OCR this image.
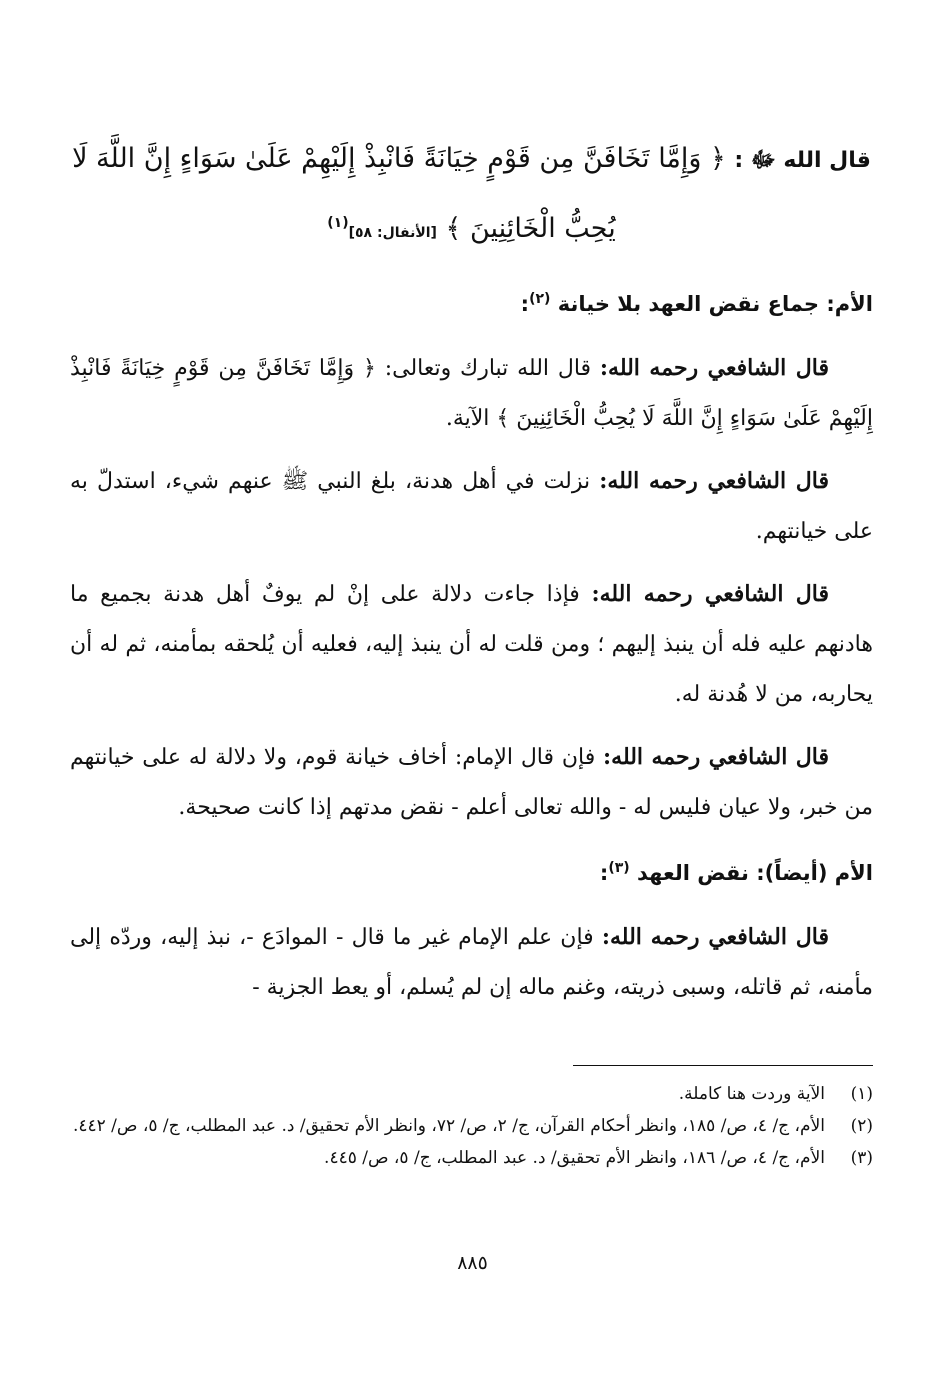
قال الله ﷻ : ﴿ وَإِمَّا تَخَافَنَّ مِن قَوْمٍ خِيَانَةً فَانْبِذْ إِلَيْهِمْ عَلَىٰ سَوَاءٍ إِنَّ اللَّهَ لَا يُحِبُّ الْخَائِنِينَ ﴾ [الأنفال: ٥٨]$^{(١)}$
الأم: جماع نقض العهد بلا خيانة $^{(٢)}$:

قال الشافعي رحمه الله: قال الله تبارك وتعالى: ﴿ وَإِمَّا تَخَافَنَّ مِن قَوْمٍ خِيَانَةً فَانْبِذْ إِلَيْهِمْ عَلَىٰ سَوَاءٍ إِنَّ اللَّهَ لَا يُحِبُّ الْخَائِنِينَ ﴾ الآية.

قال الشافعي رحمه الله: نزلت في أهل هدنة، بلغ النبي ﷺ عنهم شيء، استدلّ به على خيانتهم.

قال الشافعي رحمه الله: فإذا جاءت دلالة على إنْ لم يوفٌ أهل هدنة بجميع ما هادنهم عليه فله أن ينبذ إليهم ؛ ومن قلت له أن ينبذ إليه، فعليه أن يُلحقه بمأمنه، ثم له أن يحاربه، من لا هُدنة له.

قال الشافعي رحمه الله: فإن قال الإمام: أخاف خيانة قوم، ولا دلالة له على خيانتهم من خبر، ولا عيان فليس له - والله تعالى أعلم - نقض مدتهم إذا كانت صحيحة.

الأم (أيضاً): نقض العهد $^{(٣)}$:

قال الشافعي رحمه الله: فإن علم الإمام غير ما قال - الموادَع -، نبذ إليه، وردّه إلى مأمنه، ثم قاتله، وسبى ذريته، وغنم ماله إن لم يُسلم، أو يعط الجزية -

(١)
الآية وردت هنا كاملة.
(٢)
الأم، ج/ ٤، ص/ ١٨٥، وانظر أحكام القرآن، ج/ ٢، ص/ ٧٢، وانظر الأم تحقيق/ د. عبد المطلب، ج/ ٥، ص/ ٤٤٢.
(٣)
الأم، ج/ ٤، ص/ ١٨٦، وانظر الأم تحقيق/ د. عبد المطلب، ج/ ٥، ص/ ٤٤٥.
٨٨٥
